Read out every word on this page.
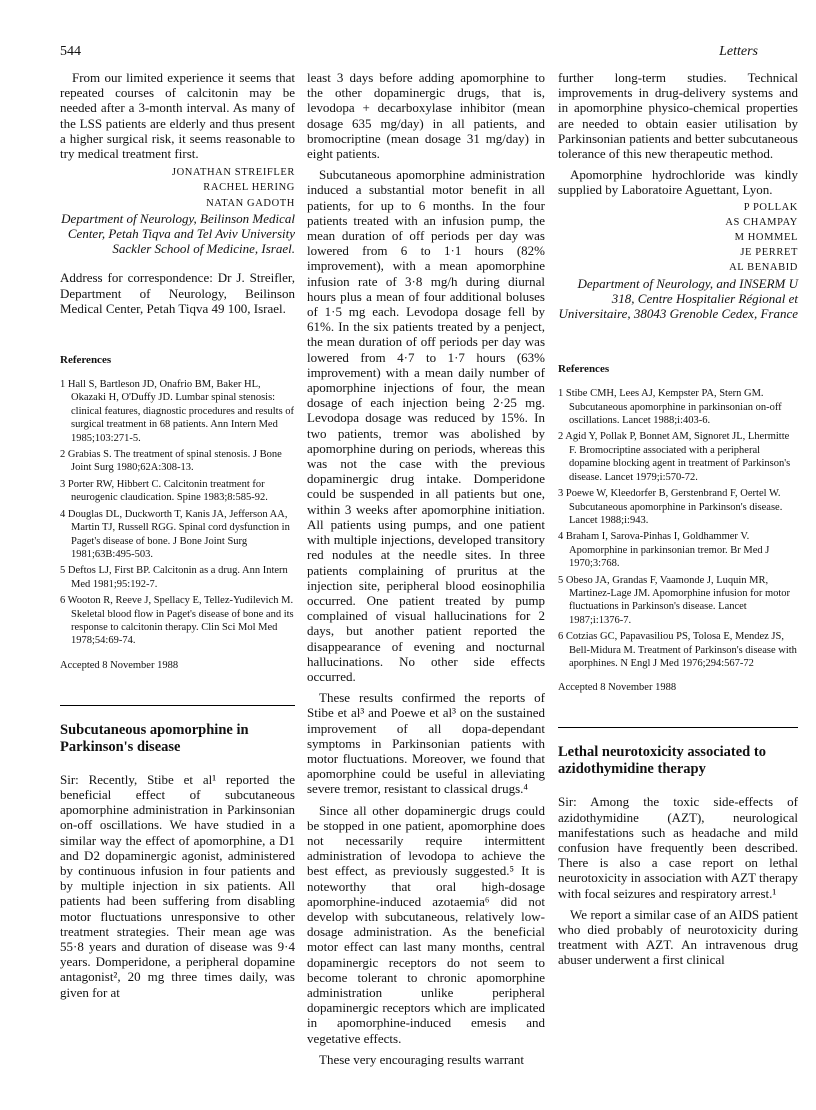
544	Letters

From our limited experience it seems that repeated courses of calcitonin may be needed after a 3-month interval. As many of the LSS patients are elderly and thus present a higher surgical risk, it seems reasonable to try medical treatment first.

JONATHAN STREIFLER
RACHEL HERING
NATAN GADOTH
Department of Neurology, Beilinson Medical Center, Petah Tiqva and Tel Aviv University Sackler School of Medicine, Israel.

Address for correspondence: Dr J. Streifler, Department of Neurology, Beilinson Medical Center, Petah Tiqva 49 100, Israel.

References
1 Hall S, Bartleson JD, Onafrio BM, Baker HL, Okazaki H, O'Duffy JD. Lumbar spinal stenosis: clinical features, diagnostic procedures and results of surgical treatment in 68 patients. Ann Intern Med 1985;103:271-5.
2 Grabias S. The treatment of spinal stenosis. J Bone Joint Surg 1980;62A:308-13.
3 Porter RW, Hibbert C. Calcitonin treatment for neurogenic claudication. Spine 1983;8:585-92.
4 Douglas DL, Duckworth T, Kanis JA, Jefferson AA, Martin TJ, Russell RGG. Spinal cord dysfunction in Paget's disease of bone. J Bone Joint Surg 1981;63B:495-503.
5 Deftos LJ, First BP. Calcitonin as a drug. Ann Intern Med 1981;95:192-7.
6 Wooton R, Reeve J, Spellacy E, Tellez-Yudilevich M. Skeletal blood flow in Paget's disease of bone and its response to calcitonin therapy. Clin Sci Mol Med 1978;54:69-74.
Accepted 8 November 1988
Subcutaneous apomorphine in Parkinson's disease

Sir: Recently, Stibe et al¹ reported the beneficial effect of subcutaneous apomorphine administration in Parkinsonian on-off oscillations. We have studied in a similar way the effect of apomorphine, a D1 and D2 dopaminergic agonist, administered by continuous infusion in four patients and by multiple injection in six patients. All patients had been suffering from disabling motor fluctuations unresponsive to other treatment strategies. Their mean age was 55·8 years and duration of disease was 9·4 years. Domperidone, a peripheral dopamine antagonist², 20 mg three times daily, was given for at

least 3 days before adding apomorphine to the other dopaminergic drugs, that is, levodopa + decarboxylase inhibitor (mean dosage 635 mg/day) in all patients, and bromocriptine (mean dosage 31 mg/day) in eight patients.

Subcutaneous apomorphine administration induced a substantial motor benefit in all patients, for up to 6 months. In the four patients treated with an infusion pump, the mean duration of off periods per day was lowered from 6 to 1·1 hours (82% improvement), with a mean apomorphine infusion rate of 3·8 mg/h during diurnal hours plus a mean of four additional boluses of 1·5 mg each. Levodopa dosage fell by 61%. In the six patients treated by a penject, the mean duration of off periods per day was lowered from 4·7 to 1·7 hours (63% improvement) with a mean daily number of apomorphine injections of four, the mean dosage of each injection being 2·25 mg. Levodopa dosage was reduced by 15%. In two patients, tremor was abolished by apomorphine during on periods, whereas this was not the case with the previous dopaminergic drug intake. Domperidone could be suspended in all patients but one, within 3 weeks after apomorphine initiation. All patients using pumps, and one patient with multiple injections, developed transitory red nodules at the needle sites. In three patients complaining of pruritus at the injection site, peripheral blood eosinophilia occurred. One patient treated by pump complained of visual hallucinations for 2 days, but another patient reported the disappearance of evening and nocturnal hallucinations. No other side effects occurred.

These results confirmed the reports of Stibe et al³ and Poewe et al³ on the sustained improvement of all dopa-dependant symptoms in Parkinsonian patients with motor fluctuations. Moreover, we found that apomorphine could be useful in alleviating severe tremor, resistant to classical drugs.⁴

Since all other dopaminergic drugs could be stopped in one patient, apomorphine does not necessarily require intermittent administration of levodopa to achieve the best effect, as previously suggested.⁵ It is noteworthy that oral high-dosage apomorphine-induced azotaemia⁶ did not develop with subcutaneous, relatively low-dosage administration. As the beneficial motor effect can last many months, central dopaminergic receptors do not seem to become tolerant to chronic apomorphine administration unlike peripheral dopaminergic receptors which are implicated in apomorphine-induced emesis and vegetative effects.

These very encouraging results warrant

further long-term studies. Technical improvements in drug-delivery systems and in apomorphine physico-chemical properties are needed to obtain easier utilisation by Parkinsonian patients and better subcutaneous tolerance of this new therapeutic method.

Apomorphine hydrochloride was kindly supplied by Laboratoire Aguettant, Lyon.

P POLLAK
AS CHAMPAY
M HOMMEL
JE PERRET
AL BENABID
Department of Neurology, and INSERM U 318, Centre Hospitalier Régional et Universitaire, 38043 Grenoble Cedex, France
References
1 Stibe CMH, Lees AJ, Kempster PA, Stern GM. Subcutaneous apomorphine in parkinsonian on-off oscillations. Lancet 1988;i:403-6.
2 Agid Y, Pollak P, Bonnet AM, Signoret JL, Lhermitte F. Bromocriptine associated with a peripheral dopamine blocking agent in treatment of Parkinson's disease. Lancet 1979;i:570-72.
3 Poewe W, Kleedorfer B, Gerstenbrand F, Oertel W. Subcutaneous apomorphine in Parkinson's disease. Lancet 1988;i:943.
4 Braham I, Sarova-Pinhas I, Goldhammer V. Apomorphine in parkinsonian tremor. Br Med J 1970;3:768.
5 Obeso JA, Grandas F, Vaamonde J, Luquin MR, Martinez-Lage JM. Apomorphine infusion for motor fluctuations in Parkinson's disease. Lancet 1987;i:1376-7.
6 Cotzias GC, Papavasiliou PS, Tolosa E, Mendez JS, Bell-Midura M. Treatment of Parkinson's disease with aporphines. N Engl J Med 1976;294:567-72
Accepted 8 November 1988
Lethal neurotoxicity associated to azidothymidine therapy

Sir: Among the toxic side-effects of azidothymidine (AZT), neurological manifestations such as headache and mild confusion have frequently been described. There is also a case report on lethal neurotoxicity in association with AZT therapy with focal seizures and respiratory arrest.¹

We report a similar case of an AIDS patient who died probably of neurotoxicity during treatment with AZT. An intravenous drug abuser underwent a first clinical
